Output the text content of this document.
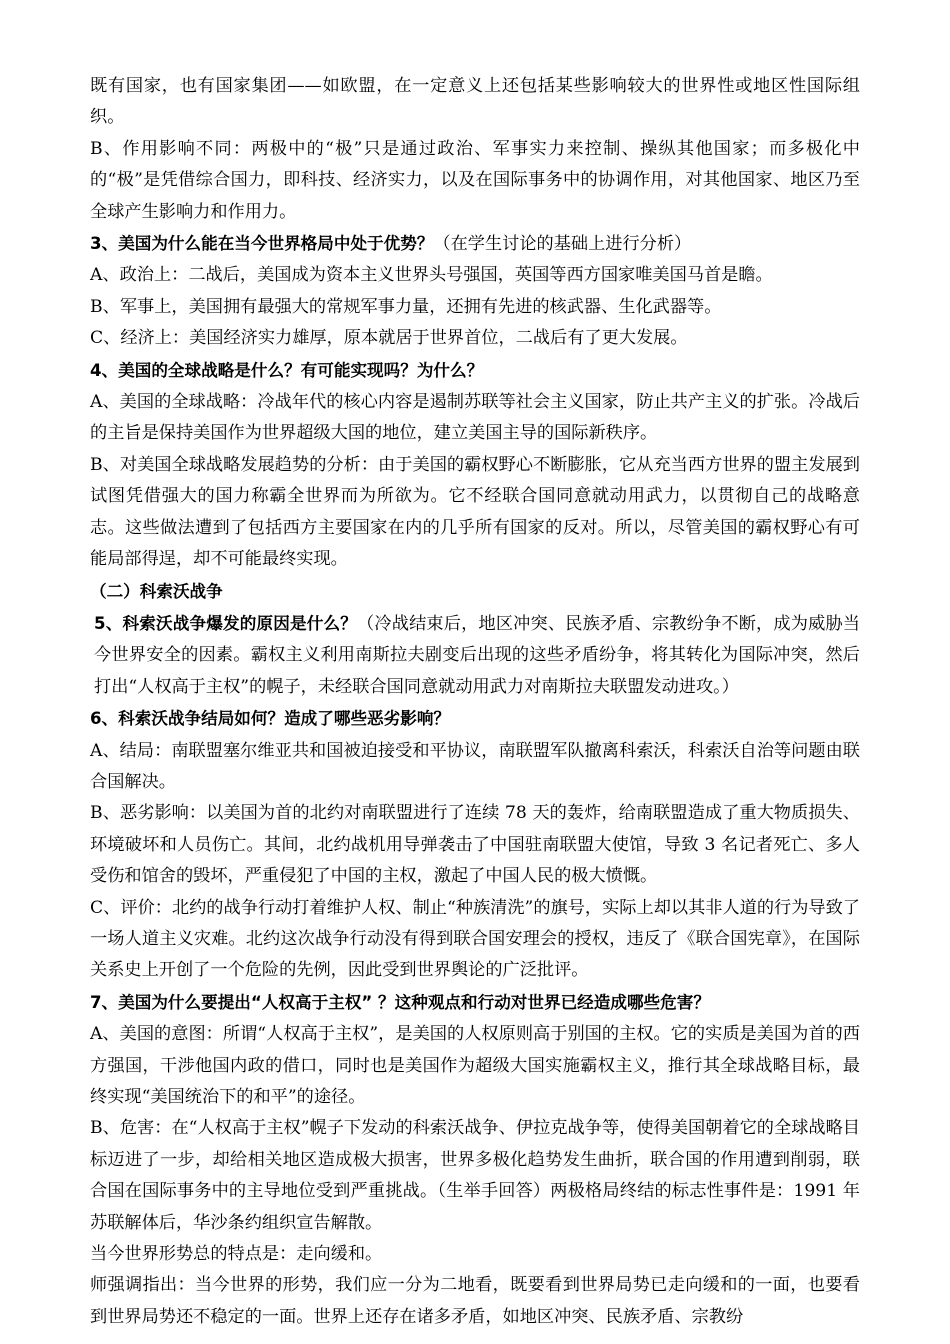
既有国家，也有国家集团——如欧盟，在一定意义上还包括某些影响较大的世界性或地区性国际组织。

B、作用影响不同：两极中的“极”只是通过政治、军事实力来控制、操纵其他国家；而多极化中的“极”是凭借综合国力，即科技、经济实力，以及在国际事务中的协调作用，对其他国家、地区乃至全球产生影响力和作用力。

3、美国为什么能在当今世界格局中处于优势？（在学生讨论的基础上进行分析）

A、政治上：二战后，美国成为资本主义世界头号强国，英国等西方国家唯美国马首是瞻。

B、军事上，美国拥有最强大的常规军事力量，还拥有先进的核武器、生化武器等。

C、经济上：美国经济实力雄厚，原本就居于世界首位，二战后有了更大发展。

4、美国的全球战略是什么？有可能实现吗？为什么？

A、美国的全球战略：冷战年代的核心内容是遏制苏联等社会主义国家，防止共产主义的扩张。冷战后的主旨是保持美国作为世界超级大国的地位，建立美国主导的国际新秩序。

B、对美国全球战略发展趋势的分析：由于美国的霸权野心不断膨胀，它从充当西方世界的盟主发展到试图凭借强大的国力称霸全世界而为所欲为。它不经联合国同意就动用武力，以贯彻自己的战略意志。这些做法遭到了包括西方主要国家在内的几乎所有国家的反对。所以，尽管美国的霸权野心有可能局部得逞，却不可能最终实现。

（二）科索沃战争

5、科索沃战争爆发的原因是什么？（冷战结束后，地区冲突、民族矛盾、宗教纷争不断，成为威胁当今世界安全的因素。霸权主义利用南斯拉夫剧变后出现的这些矛盾纷争，将其转化为国际冲突，然后打出“人权高于主权”的幌子，未经联合国同意就动用武力对南斯拉夫联盟发动进攻。）

6、科索沃战争结局如何？造成了哪些恶劣影响？

A、结局：南联盟塞尔维亚共和国被迫接受和平协议，南联盟军队撤离科索沃，科索沃自治等问题由联合国解决。

B、恶劣影响：以美国为首的北约对南联盟进行了连续 78 天的轰炸，给南联盟造成了重大物质损失、环境破坏和人员伤亡。其间，北约战机用导弹袭击了中国驻南联盟大使馆，导致 3 名记者死亡、多人受伤和馆舍的毁坏，严重侵犯了中国的主权，激起了中国人民的极大愤慨。

C、评价：北约的战争行动打着维护人权、制止“种族清洗”的旗号，实际上却以其非人道的行为导致了一场人道主义灾难。北约这次战争行动没有得到联合国安理会的授权，违反了《联合国宪章》，在国际关系史上开创了一个危险的先例，因此受到世界舆论的广泛批评。

7、美国为什么要提出“人权高于主权” ？这种观点和行动对世界已经造成哪些危害？

A、美国的意图：所谓“人权高于主权”，是美国的人权原则高于别国的主权。它的实质是美国为首的西方强国，干涉他国内政的借口，同时也是美国作为超级大国实施霸权主义，推行其全球战略目标，最终实现“美国统治下的和平”的途径。

B、危害：在“人权高于主权”幌子下发动的科索沃战争、伊拉克战争等，使得美国朝着它的全球战略目标迈进了一步，却给相关地区造成极大损害，世界多极化趋势发生曲折，联合国的作用遭到削弱，联合国在国际事务中的主导地位受到严重挑战。（生举手回答）两极格局终结的标志性事件是：1991 年苏联解体后，华沙条约组织宣告解散。

当今世界形势总的特点是：走向缓和。

师强调指出：当今世界的形势，我们应一分为二地看，既要看到世界局势已走向缓和的一面，也要看到世界局势还不稳定的一面。世界上还存在诸多矛盾，如地区冲突、民族矛盾、宗教纷
